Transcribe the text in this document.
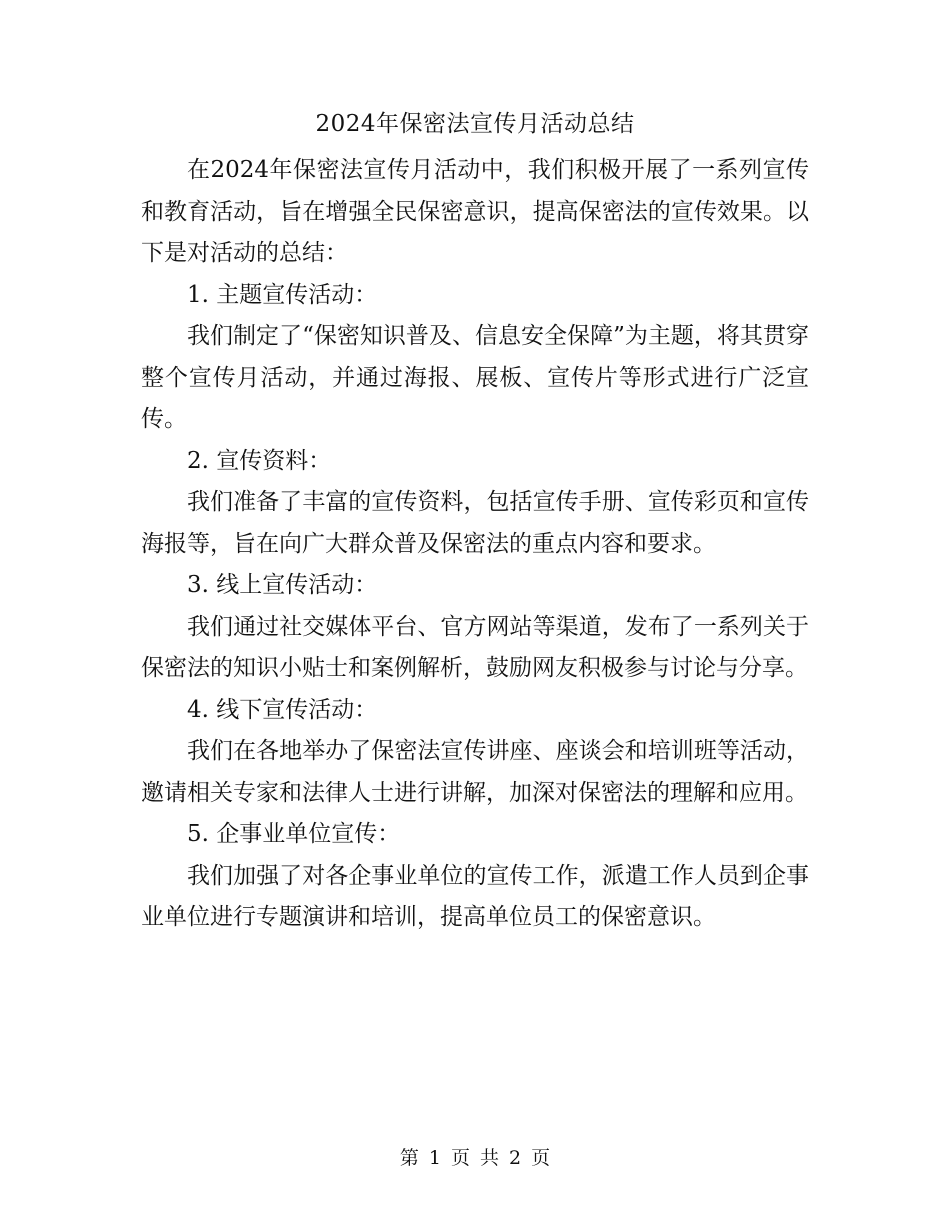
2024年保密法宣传月活动总结

在2024年保密法宣传月活动中，我们积极开展了一系列宣传和教育活动，旨在增强全民保密意识，提高保密法的宣传效果。以下是对活动的总结：

1. 主题宣传活动：

我们制定了“保密知识普及、信息安全保障”为主题，将其贯穿整个宣传月活动，并通过海报、展板、宣传片等形式进行广泛宣传。

2. 宣传资料：

我们准备了丰富的宣传资料，包括宣传手册、宣传彩页和宣传海报等，旨在向广大群众普及保密法的重点内容和要求。

3. 线上宣传活动：

我们通过社交媒体平台、官方网站等渠道，发布了一系列关于保密法的知识小贴士和案例解析，鼓励网友积极参与讨论与分享。

4. 线下宣传活动：

我们在各地举办了保密法宣传讲座、座谈会和培训班等活动，邀请相关专家和法律人士进行讲解，加深对保密法的理解和应用。

5. 企事业单位宣传：

我们加强了对各企事业单位的宣传工作，派遣工作人员到企事业单位进行专题演讲和培训，提高单位员工的保密意识。

第 1 页 共 2 页
